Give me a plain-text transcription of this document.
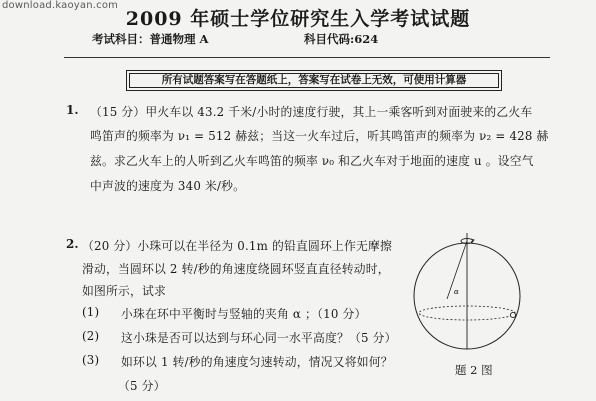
download.kaoyan.com
2009 年硕士学位研究生入学考试试题
考试科目：普通物理 A	科目代码:624
所有试题答案写在答题纸上，答案写在试卷上无效，可使用计算器
1. （15 分）甲火车以 43.2 千米/小时的速度行驶，其上一乘客听到对面驶来的乙火车
鸣笛声的频率为 ν₁ = 512 赫兹；当这一火车过后，听其鸣笛声的频率为 ν₂ = 428 赫
兹。求乙火车上的人听到乙火车鸣笛的频率 ν₀ 和乙火车对于地面的速度 u 。设空气
中声波的速度为 340 米/秒。
2. （20 分）小珠可以在半径为 0.1m 的铅直圆环上作无摩擦
滑动，当圆环以 2 转/秒的角速度绕圆环竖直直径转动时，
如图所示，试求
(1) 小珠在环中平衡时与竖轴的夹角 α ；（10 分）
(2) 这小珠是否可以达到与环心同一水平高度？（5 分）
(3) 如环以 1 转/秒的角速度匀速转动，情况又将如何？
（5 分）
α
题 2 图
